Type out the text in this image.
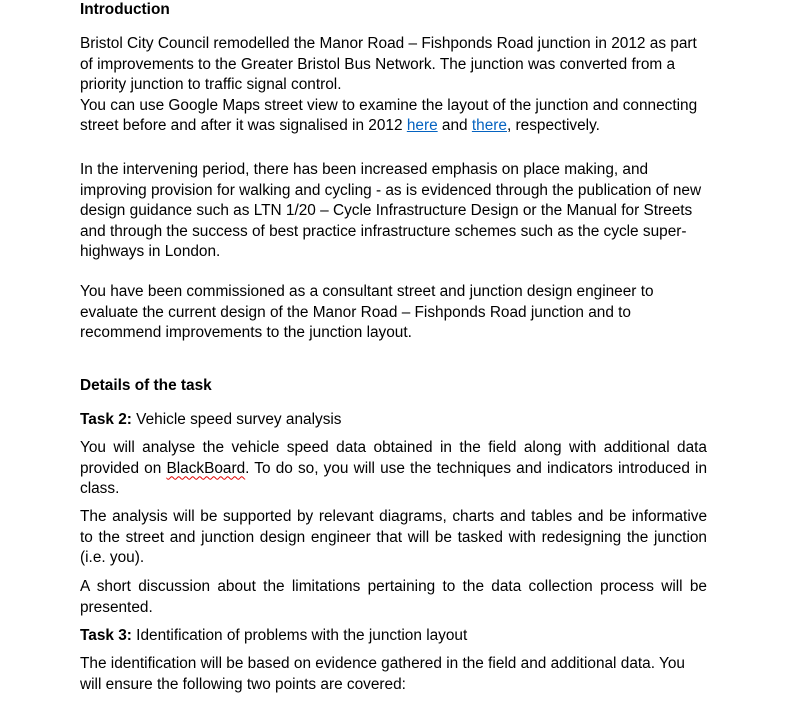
Introduction

Bristol City Council remodelled the Manor Road – Fishponds Road junction in 2012 as part of improvements to the Greater Bristol Bus Network. The junction was converted from a priority junction to traffic signal control.

You can use Google Maps street view to examine the layout of the junction and connecting street before and after it was signalised in 2012 here and there, respectively.

In the intervening period, there has been increased emphasis on place making, and improving provision for walking and cycling - as is evidenced through the publication of new design guidance such as LTN 1/20 – Cycle Infrastructure Design or the Manual for Streets and through the success of best practice infrastructure schemes such as the cycle super-highways in London.

You have been commissioned as a consultant street and junction design engineer to evaluate the current design of the Manor Road – Fishponds Road junction and to recommend improvements to the junction layout.

Details of the task

Task 2: Vehicle speed survey analysis

You will analyse the vehicle speed data obtained in the field along with additional data provided on BlackBoard. To do so, you will use the techniques and indicators introduced in class.

The analysis will be supported by relevant diagrams, charts and tables and be informative to the street and junction design engineer that will be tasked with redesigning the junction (i.e. you).

A short discussion about the limitations pertaining to the data collection process will be presented.

Task 3: Identification of problems with the junction layout

The identification will be based on evidence gathered in the field and additional data. You will ensure the following two points are covered:
